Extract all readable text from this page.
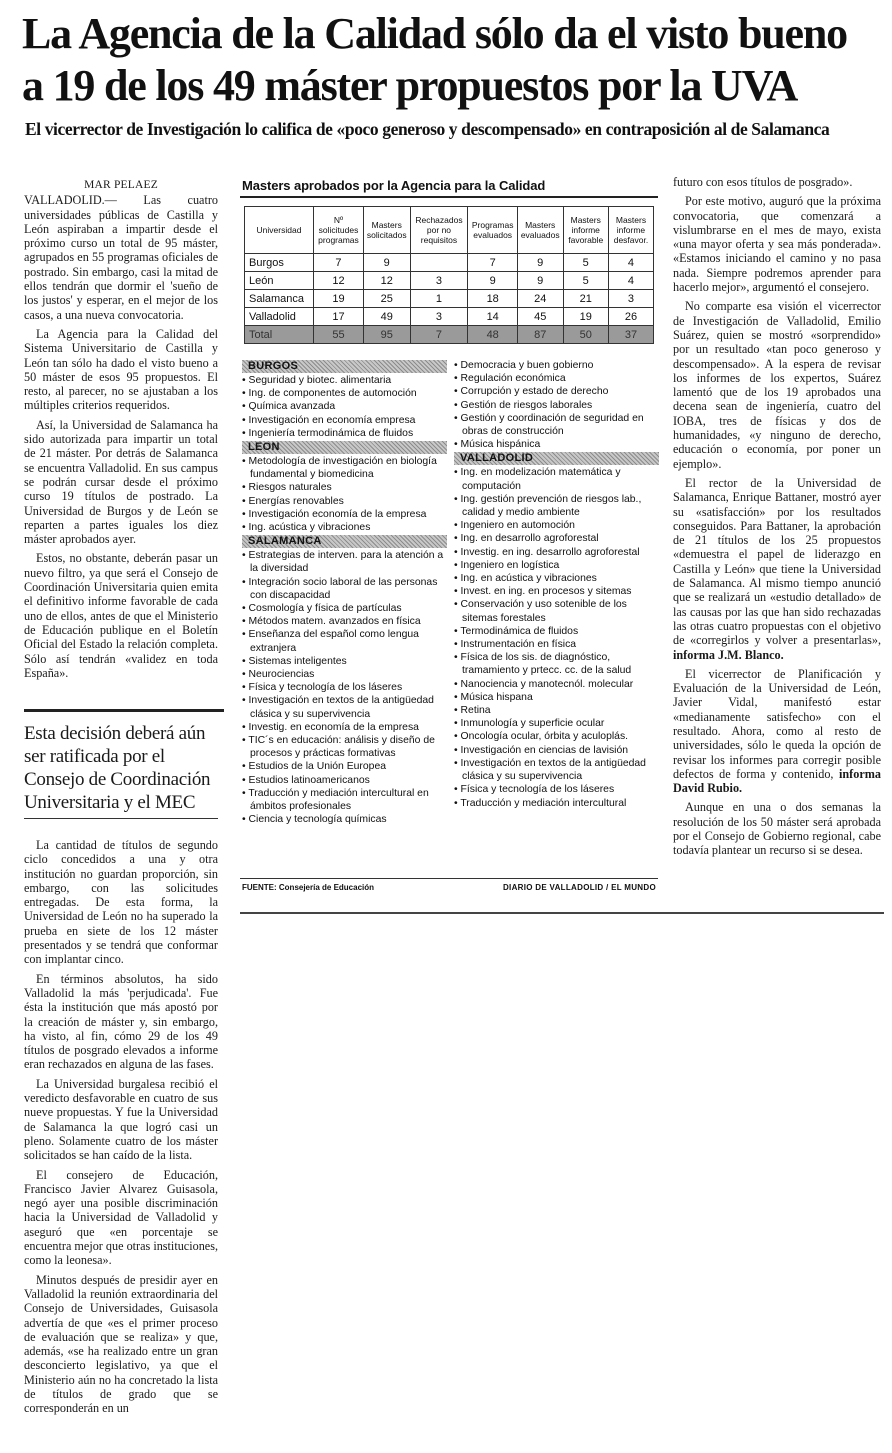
La Agencia de la Calidad sólo da el visto bueno
a 19 de los 49 máster propuestos por la UVA
El vicerrector de Investigación lo califica de «poco generoso y descompensado» en contraposición al de Salamanca
MAR PELAEZ

VALLADOLID.— Las cuatro universidades públicas de Castilla y León aspiraban a impartir desde el próximo curso un total de 95 máster, agrupados en 55 programas oficiales de postrado. Sin embargo, casi la mitad de ellos tendrán que dormir el 'sueño de los justos' y esperar, en el mejor de los casos, a una nueva convocatoria.

La Agencia para la Calidad del Sistema Universitario de Castilla y León tan sólo ha dado el visto bueno a 50 máster de esos 95 propuestos. El resto, al parecer, no se ajustaban a los múltiples criterios requeridos.

Así, la Universidad de Salamanca ha sido autorizada para impartir un total de 21 máster. Por detrás de Salamanca se encuentra Valladolid. En sus campus se podrán cursar desde el próximo curso 19 títulos de postrado. La Universidad de Burgos y de León se reparten a partes iguales los diez máster aprobados ayer.

Estos, no obstante, deberán pasar un nuevo filtro, ya que será el Consejo de Coordinación Universitaria quien emita el definitivo informe favorable de cada uno de ellos, antes de que el Ministerio de Educación publique en el Boletín Oficial del Estado la relación completa. Sólo así tendrán «validez en toda España».

Esta decisión deberá aún ser ratificada por el Consejo de Coordinación Universitaria y el MEC

La cantidad de títulos de segundo ciclo concedidos a una y otra institución no guardan proporción, sin embargo, con las solicitudes entregadas. De esta forma, la Universidad de León no ha superado la prueba en siete de los 12 máster presentados y se tendrá que conformar con implantar cinco.

En términos absolutos, ha sido Valladolid la más 'perjudicada'. Fue ésta la institución que más apostó por la creación de máster y, sin embargo, ha visto, al fin, cómo 29 de los 49 títulos de posgrado elevados a informe eran rechazados en alguna de las fases.

La Universidad burgalesa recibió el veredicto desfavorable en cuatro de sus nueve propuestas. Y fue la Universidad de Salamanca la que logró casi un pleno. Solamente cuatro de los máster solicitados se han caído de la lista.

El consejero de Educación, Francisco Javier Alvarez Guisasola, negó ayer una posible discriminación hacia la Universidad de Valladolid y aseguró que «en porcentaje se encuentra mejor que otras instituciones, como la leonesa».

Minutos después de presidir ayer en Valladolid la reunión extraordinaria del Consejo de Universidades, Guisasola advertía de que «es el primer proceso de evaluación que se realiza» y que, además, «se ha realizado entre un gran desconcierto legislativo, ya que el Ministerio aún no ha concretado la lista de títulos de grado que se corresponderán en un

Masters aprobados por la Agencia para la Calidad
Universidad	Nº solicitudes programas	Masters solicitados	Rechazados por no requisitos	Programas evaluados	Masters evaluados	Masters informe favorable	Masters informe desfavor.
Burgos	7	9		7	9	5	4
León	12	12	3	9	9	5	4
Salamanca	19	25	1	18	24	21	3
Valladolid	17	49	3	14	45	19	26
Total	55	95	7	48	87	50	37
BURGOS
• Seguridad y biotec. alimentaria
• Ing. de componentes de automoción
• Química avanzada
• Investigación en economía empresa
• Ingeniería termodinámica de fluidos
LEON
• Metodología de investigación en biología fundamental y biomedicina
• Riesgos naturales
• Energías renovables
• Investigación economía de la empresa
• Ing. acústica y vibraciones
SALAMANCA
• Estrategias de interven. para la atención a la diversidad
• Integración socio laboral de las personas con discapacidad
• Cosmología y física de partículas
• Métodos matem. avanzados en física
• Enseñanza del español como lengua extranjera
• Sistemas inteligentes
• Neurociencias
• Física y tecnología de los láseres
• Investigación en textos de la antigüedad clásica y su supervivencia
• Investig. en economía de la empresa
• TIC´s en educación: análisis y diseño de procesos y prácticas formativas
• Estudios de la Unión Europea
• Estudios latinoamericanos
• Traducción y mediación intercultural en ámbitos profesionales
• Ciencia y tecnología químicas
• Democracia y buen gobierno
• Regulación económica
• Corrupción y estado de derecho
• Gestión de riesgos laborales
• Gestión y coordinación de seguridad en obras de construcción
• Música hispánica
VALLADOLID
• Ing. en modelización matemática y computación
• Ing. gestión prevención de riesgos lab., calidad y medio ambiente
• Ingeniero en automoción
• Ing. en desarrollo agroforestal
• Investig. en ing. desarrollo agroforestal
• Ingeniero en logística
• Ing. en acústica y vibraciones
• Invest. en ing. en procesos y sitemas
• Conservación y uso sotenible de los sitemas forestales
• Termodinámica de fluidos
• Instrumentación en física
• Física de los sis. de diagnóstico, tramamiento y prtecc. cc. de la salud
• Nanociencia y manotecnól. molecular
• Música hispana
• Retina
• Inmunología y superficie ocular
• Oncología ocular, órbita y aculoplás.
• Investigación en ciencias de lavisión
• Investigación en textos de la antigüedad clásica y su supervivencia
• Física y tecnología de los láseres
• Traducción y mediación intercultural
FUENTE: Consejería de Educación	DIARIO DE VALLADOLID / EL MUNDO

futuro con esos títulos de posgrado».

Por este motivo, auguró que la próxima convocatoria, que comenzará a vislumbrarse en el mes de mayo, exista «una mayor oferta y sea más ponderada». «Estamos iniciando el camino y no pasa nada. Siempre podremos aprender para hacerlo mejor», argumentó el consejero.

No comparte esa visión el vicerrector de Investigación de Valladolid, Emilio Suárez, quien se mostró «sorprendido» por un resultado «tan poco generoso y descompensado». A la espera de revisar los informes de los expertos, Suárez lamentó que de los 19 aprobados una decena sean de ingeniería, cuatro del IOBA, tres de físicas y dos de humanidades, «y ninguno de derecho, educación o economía, por poner un ejemplo».

El rector de la Universidad de Salamanca, Enrique Battaner, mostró ayer su «satisfacción» por los resultados conseguidos. Para Battaner, la aprobación de 21 títulos de los 25 propuestos «demuestra el papel de liderazgo en Castilla y León» que tiene la Universidad de Salamanca. Al mismo tiempo anunció que se realizará un «estudio detallado» de las causas por las que han sido rechazadas las otras cuatro propuestas con el objetivo de «corregirlos y volver a presentarlas», informa J.M. Blanco.

El vicerrector de Planificación y Evaluación de la Universidad de León, Javier Vidal, manifestó estar «medianamente satisfecho» con el resultado. Ahora, como al resto de universidades, sólo le queda la opción de revisar los informes para corregir posible defectos de forma y contenido, informa David Rubio.

Aunque en una o dos semanas la resolución de los 50 máster será aprobada por el Consejo de Gobierno regional, cabe todavía plantear un recurso si se desea.
